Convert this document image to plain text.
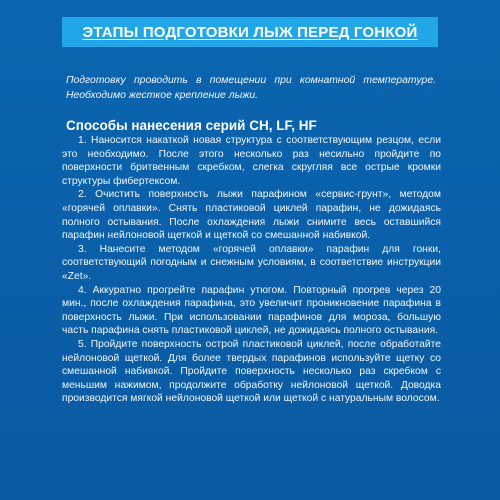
ЭТАПЫ ПОДГОТОВКИ ЛЫЖ ПЕРЕД ГОНКОЙ
Подготовку проводить в помещении при комнатной температуре. Необходимо жесткое крепление лыжи.
Способы нанесения серий CH, LF, HF

1. Наносится накаткой новая структура с соответствующим резцом, если это необходимо. После этого несколько раз несильно пройдите по поверхности бритвенным скребком, слегка скругляя все острые кромки структуры фибертексом.

2. Очистить поверхность лыжи парафином «сервис-грунт», методом «горячей оплавки». Снять пластиковой циклей парафин, не дожидаясь полного остывания. После охлаждения лыжи снимите весь оставшийся парафин нейлоновой щеткой и щеткой со смешанной набивкой.

3. Нанесите методом «горячей оплавки» парафин для гонки, соответствующий погодным и снежным условиям, в соответствие инструкции «Zet».

4. Аккуратно прогрейте парафин утюгом. Повторный прогрев через 20 мин., после охлаждения парафина, это увеличит проникновение парафина в поверхность лыжи. При использовании парафинов для мороза, большую часть парафина снять пластиковой циклей, не дожидаясь полного остывания.

5. Пройдите поверхность острой пластиковой циклей, после обработайте нейлоновой щеткой. Для более твердых парафинов используйте щетку со смешанной набивкой. Пройдите поверхность несколько раз скребком с меньшим нажимом, продолжите обработку нейлоновой щеткой. Доводка производится мягкой нейлоновой щеткой или щеткой с натуральным волосом.
